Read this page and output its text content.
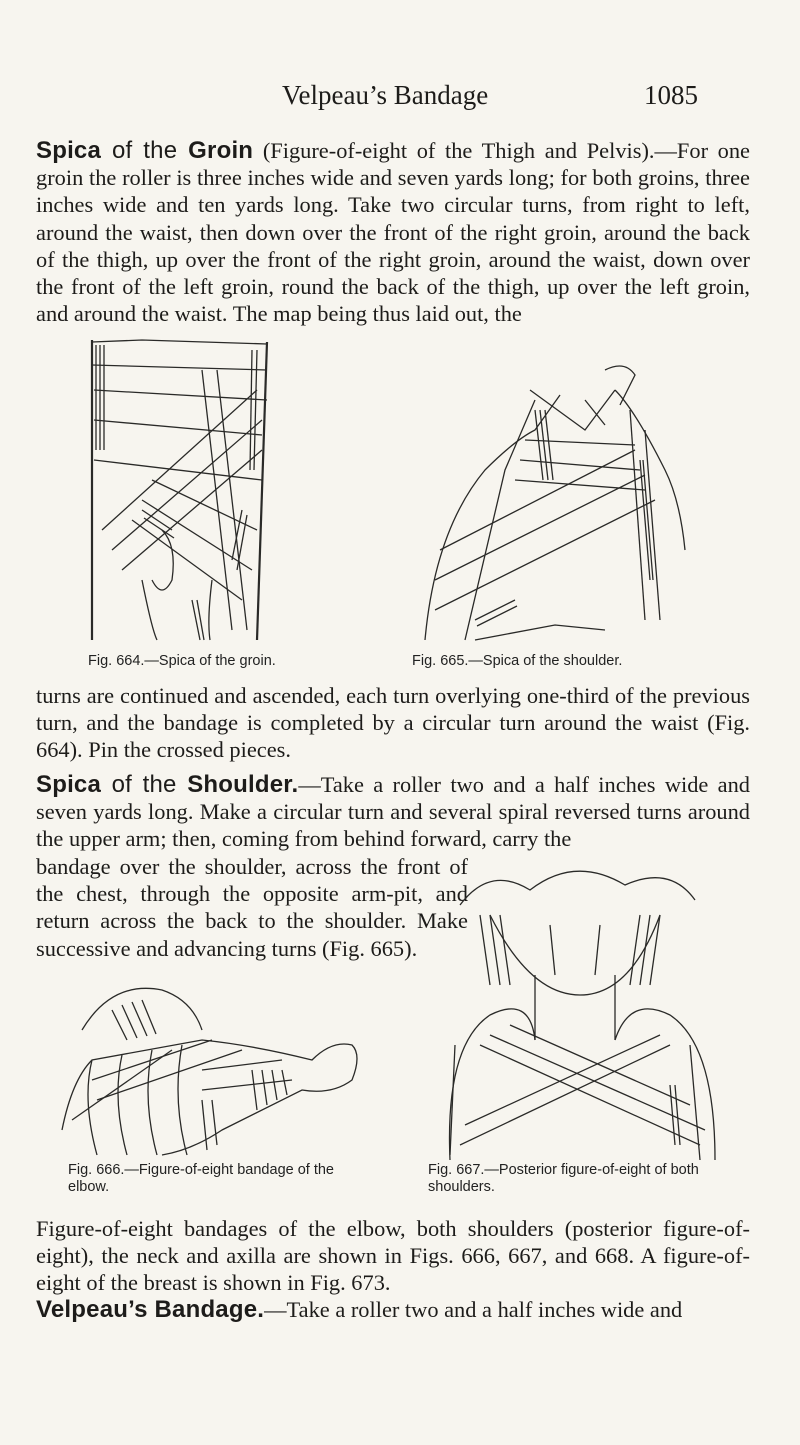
Velpeau’s Bandage	1085

Spica of the Groin (Figure-of-eight of the Thigh and Pelvis).—For one groin the roller is three inches wide and seven yards long; for both groins, three inches wide and ten yards long. Take two circular turns, from right to left, around the waist, then down over the front of the right groin, around the back of the thigh, up over the front of the right groin, around the waist, down over the front of the left groin, round the back of the thigh, up over the left groin, and around the waist. The map being thus laid out, the

Fig. 664.—Spica of the groin.	Fig. 665.—Spica of the shoulder.

turns are continued and ascended, each turn overlying one-third of the previous turn, and the bandage is completed by a circular turn around the waist (Fig. 664). Pin the crossed pieces.

Spica of the Shoulder.—Take a roller two and a half inches wide and seven yards long. Make a circular turn and several spiral reversed turns around the upper arm; then, coming from behind forward, carry the

bandage over the shoulder, across the front of the chest, through the opposite arm-pit, and return across the back to the shoulder. Make successive and advancing turns (Fig. 665).

Fig. 666.—Figure-of-eight bandage of the elbow.
Fig. 667.—Posterior figure-of-eight of both shoulders.

Figure-of-eight bandages of the elbow, both shoulders (posterior figure-of-eight), the neck and axilla are shown in Figs. 666, 667, and 668. A figure-of-eight of the breast is shown in Fig. 673.

Velpeau’s Bandage.—Take a roller two and a half inches wide and
